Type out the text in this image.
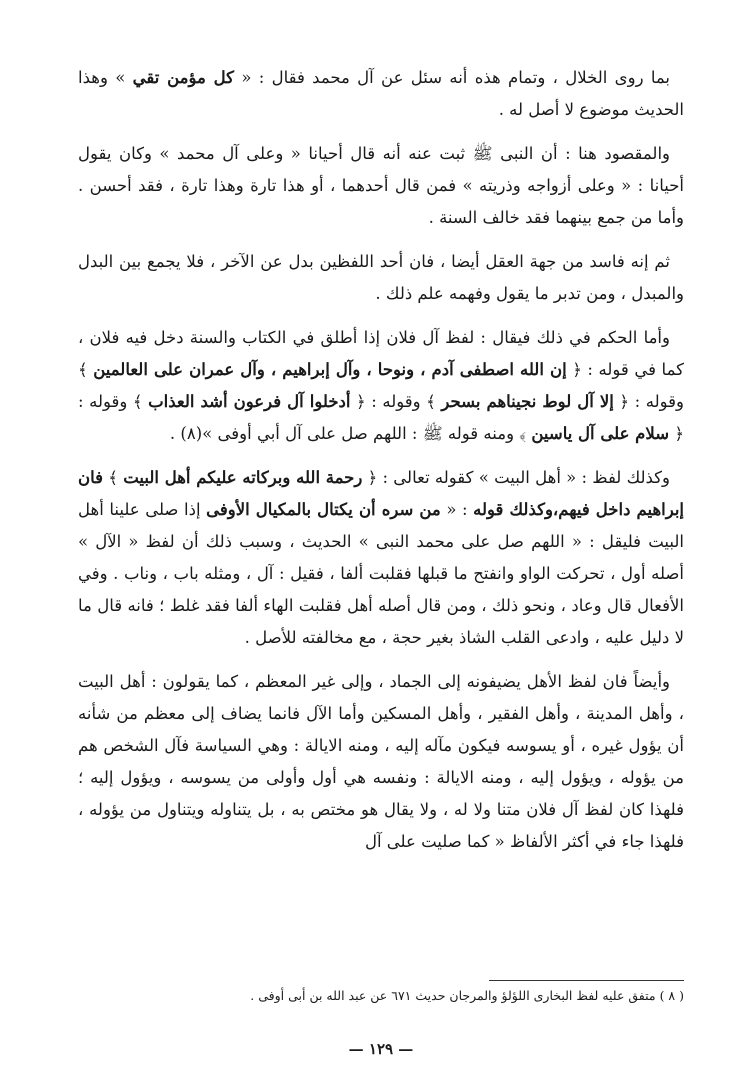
بما روى الخلال ، وتمام هذه أنه سئل عن آل محمد فقال : « كل مؤمن تقي » وهذا الحديث موضوع لا أصل له .

والمقصود هنا : أن النبى ﷺ ثبت عنه أنه قال أحيانا « وعلى آل محمد » وكان يقول أحيانا : « وعلى أزواجه وذريته » فمن قال أحدهما ، أو هذا تارة وهذا تارة ، فقد أحسن . وأما من جمع بينهما فقد خالف السنة .

ثم إنه فاسد من جهة العقل أيضا ، فان أحد اللفظين بدل عن الآخر ، فلا يجمع بين البدل والمبدل ، ومن تدبر ما يقول وفهمه علم ذلك .

وأما الحكم في ذلك فيقال : لفظ آل فلان إذا أطلق في الكتاب والسنة دخل فيه فلان ، كما في قوله : ﴿ إن الله اصطفى آدم ، ونوحا ، وآل إبراهيم ، وآل عمران على العالمين ﴾ وقوله : ﴿ إلا آل لوط نجيناهم بسحر ﴾ وقوله : ﴿ أدخلوا آل فرعون أشد العذاب ﴾ وقوله : ﴿ سلام على آل ياسين ﴾ ومنه قوله ﷺ : اللهم صل على آل أبي أوفى »(٨) .

وكذلك لفظ : « أهل البيت » كقوله تعالى : ﴿ رحمة الله وبركاته عليكم أهل البيت ﴾ فان إبراهيم داخل فيهم،وكذلك قوله : « من سره أن يكتال بالمكيال الأوفى إذا صلى علينا أهل البيت فليقل : « اللهم صل على محمد النبى » الحديث ، وسبب ذلك أن لفظ « الآل » أصله أول ، تحركت الواو وانفتح ما قبلها فقلبت ألفا ، فقيل : آل ، ومثله باب ، وناب . وفي الأفعال قال وعاد ، ونحو ذلك ، ومن قال أصله أهل فقلبت الهاء ألفا فقد غلط ؛ فانه قال ما لا دليل عليه ، وادعى القلب الشاذ بغير حجة ، مع مخالفته للأصل .

وأيضاً فان لفظ الأهل يضيفونه إلى الجماد ، وإلى غير المعظم ، كما يقولون : أهل البيت ، وأهل المدينة ، وأهل الفقير ، وأهل المسكين وأما الآل فانما يضاف إلى معظم من شأنه أن يؤول غيره ، أو يسوسه فيكون مآله إليه ، ومنه الايالة : وهي السياسة فآل الشخص هم من يؤوله ، ويؤول إليه ، ومنه الايالة : ونفسه هي أول وأولى من يسوسه ، ويؤول إليه ؛ فلهذا كان لفظ آل فلان متنا ولا له ، ولا يقال هو مختص به ، بل يتناوله ويتناول من يؤوله ، فلهذا جاء في أكثر الألفاظ « كما صليت على آل

( ٨ ) متفق عليه لفظ البخارى اللؤلؤ والمرجان حديث ٦٧١ عن عبد الله بن أبى أوفى .
— ١٢٩ —
